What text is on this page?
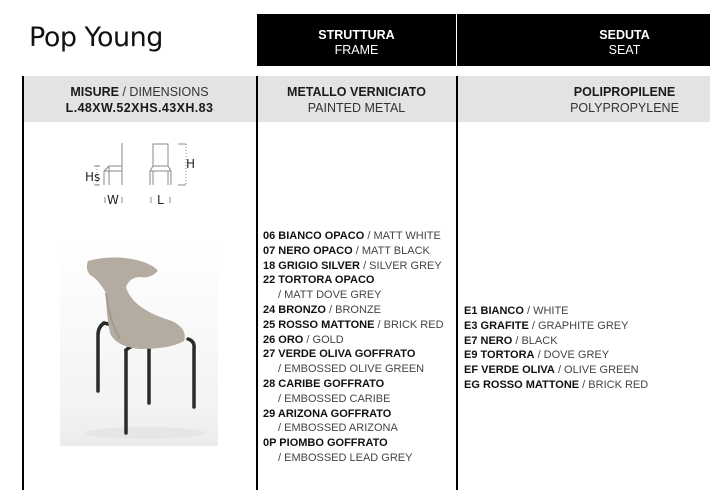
Pop Young	STRUTTURA
FRAME
SEDUTA
SEAT
MISURE / DIMENSIONS
L.48XW.52XHS.43XH.83
METALLO VERNICIATO
PAINTED METAL
POLIPROPILENE
POLYPROPYLENE
Hs
W	L
H
06 BIANCO OPACO / MATT WHITE
07 NERO OPACO / MATT BLACK
18 GRIGIO SILVER / SILVER GREY
22 TORTORA OPACO
/ MATT DOVE GREY
24 BRONZO / BRONZE
25 ROSSO MATTONE / BRICK RED
26 ORO / GOLD
27 VERDE OLIVA GOFFRATO
/ EMBOSSED OLIVE GREEN
28 CARIBE GOFFRATO
/ EMBOSSED CARIBE
29 ARIZONA GOFFRATO
/ EMBOSSED ARIZONA
0P PIOMBO GOFFRATO
/ EMBOSSED LEAD GREY
E1 BIANCO / WHITE
E3 GRAFITE / GRAPHITE GREY
E7 NERO / BLACK
E9 TORTORA / DOVE GREY
EF VERDE OLIVA / OLIVE GREEN
EG ROSSO MATTONE / BRICK RED
